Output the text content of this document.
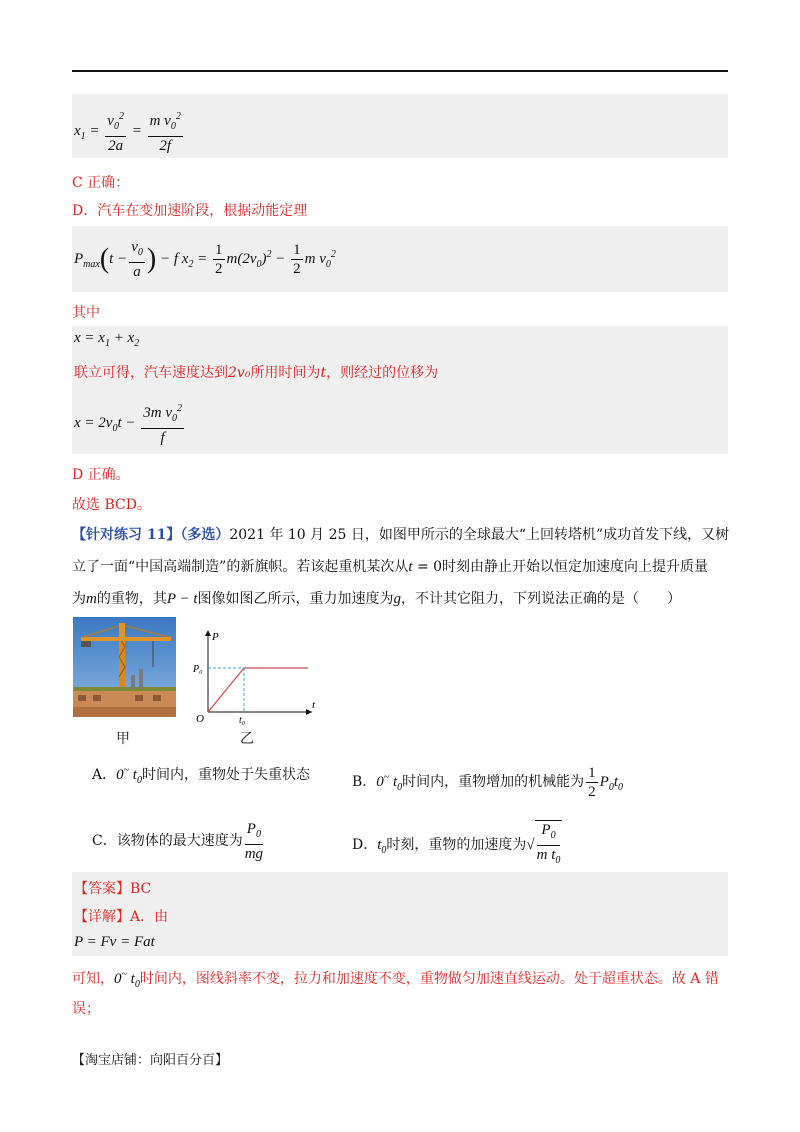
$x_1 = \frac{v_0^2}{2a} = \frac{m v_0^2}{2f}$
C 正确：
D．汽车在变加速阶段，根据动能定理
$P_{max}(t - \frac{v_0}{a}$ ) − f $x_2 = \frac{1}{2} m(2v_0)^2 - \frac{1}{2}$ m $v_0^2$
其中
$x = x_1 + x_2$
联立可得，汽车速度达到2v₀所用时间为t，则经过的位移为
$x = 2v_0t - \frac{3m v_0^2}{f}$
D 正确。
故选 BCD。
【针对练习 11】（多选）2021 年 10 月 25 日，如图甲所示的全球最大“上回转塔机”成功首发下线，又树
立了一面“中国高端制造”的新旗帜。若该起重机某次从t = 0时刻由静止开始以恒定加速度向上提升质量
为m的重物，其P − t图像如图乙所示，重力加速度为g，不计其它阻力，下列说法正确的是（　　）
甲
P
t
O
P₀
t₀
乙
A．0~ $t_0$时间内，重物处于失重状态	B．0~ $t_0$时间内，重物增加的机械能为 $\frac{1}{2} P_0t_0$
C．该物体的最大速度为 $\frac{P_0}{mg}$	D．$t_0$时刻，重物的加速度为√ $\frac{P_0}{m t_0}$
【答案】BC
【详解】A．由
P = Fv = Fat
可知，0~ $t_0$时间内，图线斜率不变，拉力和加速度不变，重物做匀加速直线运动。处于超重状态。故 A 错
误；
【淘宝店铺：向阳百分百】
